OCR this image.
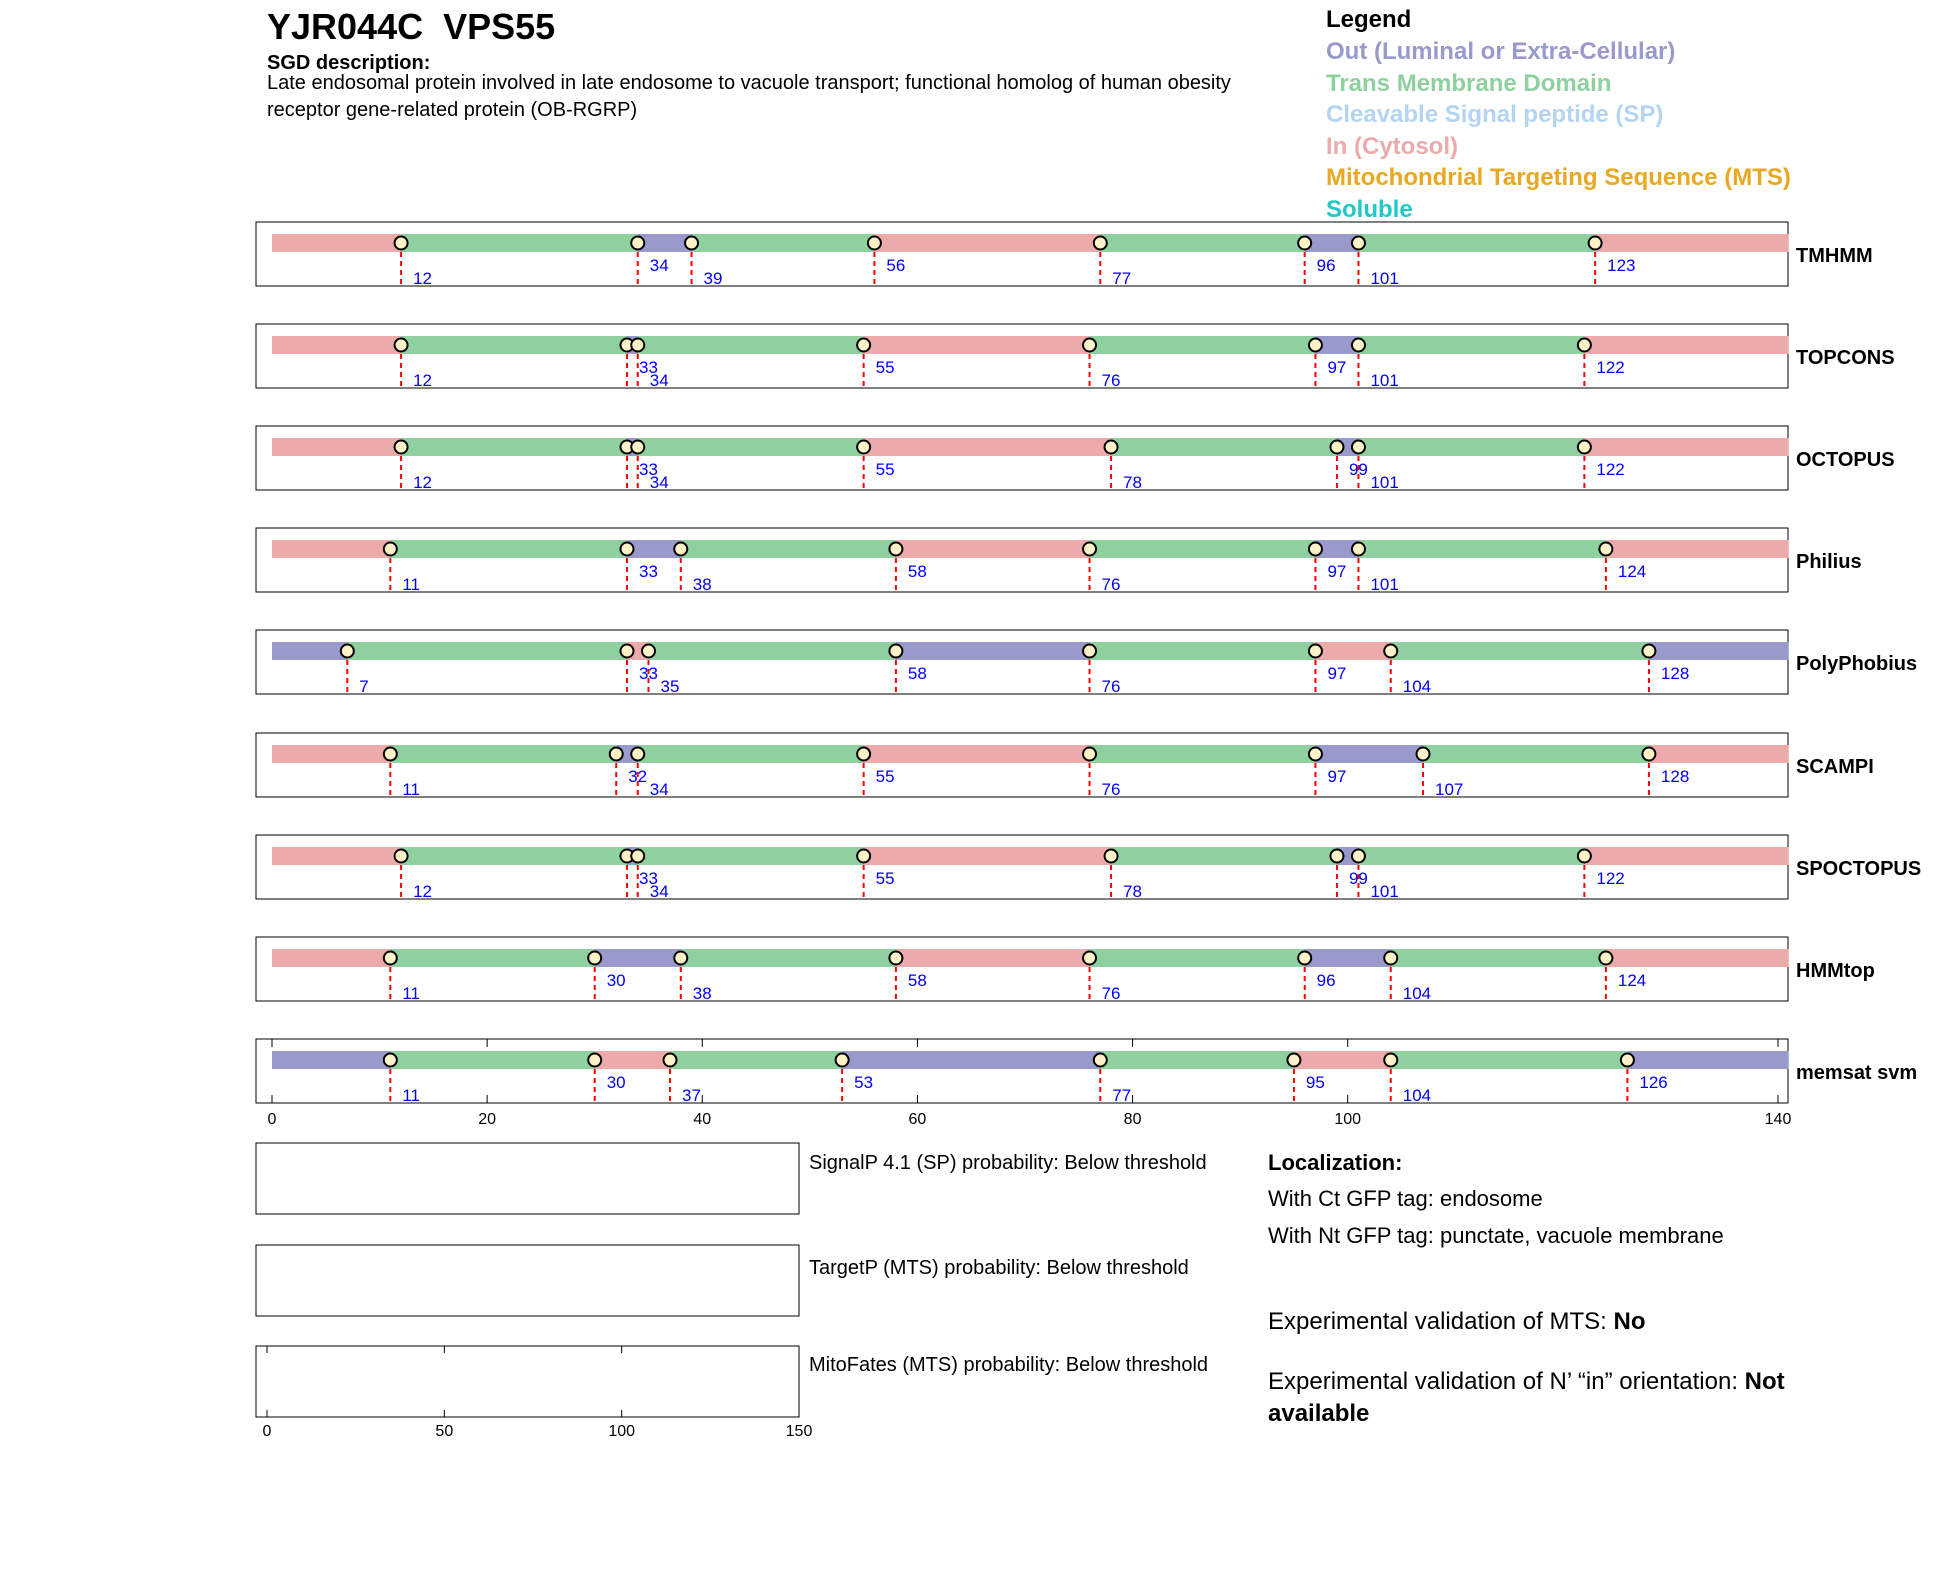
YJR044C  VPS55
SGD description:
Late endosomal protein involved in late endosome to vacuole transport; functional homolog of human obesity receptor gene-related protein (OB-RGRP)
Legend
Out (Luminal or Extra-Cellular)
Trans Membrane Domain
Cleavable Signal peptide (SP)
In (Cytosol)
Mitochondrial Targeting Sequence (MTS)
Soluble
12
34
39
56
77
96
101
123	TMHMM
12
33
34
55
76
97
101
122	TOPCONS
12
33
34
55
78
99
101
122	OCTOPUS
11
33
38
58
76
97
101
124	Philius
7
33
35
58
76
97
104
128	PolyPhobius
11
32
34
55
76
97
107
128	SCAMPI
12
33
34
55
78
99
101
122	SPOCTOPUS
11
30
38
58
76
96
104
124	HMMtop
11
30
37
53
77
95
104
126	memsat svm
0	20	40	60	80	100	140
0	50	100	150
SignalP 4.1 (SP) probability: Below threshold
TargetP (MTS) probability: Below threshold
MitoFates (MTS) probability: Below threshold
Localization:
With Ct GFP tag: endosome
With Nt GFP tag: punctate, vacuole membrane
Experimental validation of MTS: No
Experimental validation of N’ “in” orientation: Not available
